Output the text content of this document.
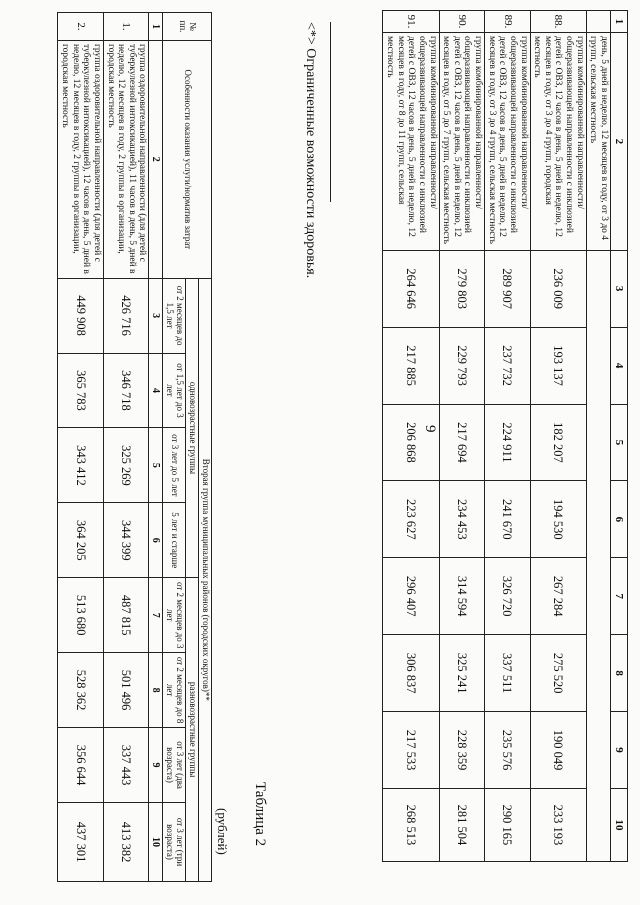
9
1	2	3	4	5	6	7	8	9	10
	день, 5 дней в неделю, 12 месяцев в году, от 3 до 4 групп, сельская местность								
88.	группа комбинированной направленности/общеразвивающей направленности с инклюзией детей с ОВЗ, 12 часов в день, 5 дней в неделю, 12 месяцев в году, от 3 до 4 групп, городская местность	236 009	193 137	182 207	194 530	267 284	275 520	190 049	233 193
89.	группа комбинированной направленности/общеразвивающей направленности с инклюзией детей с ОВЗ, 12 часов в день, 5 дней в неделю, 12 месяцев в году, от 3 до 4 групп, сельская местность	289 907	237 732	224 911	241 670	326 720	337 511	235 576	290 165
90.	группа комбинированной направленности/общеразвивающей направленности с инклюзией детей с ОВЗ, 12 часов в день, 5 дней в неделю, 12 месяцев в году, от 5 до 7 групп, сельская местность	279 803	229 793	217 694	234 453	314 594	325 241	228 359	281 504
91.	группа комбинированной направленности/общеразвивающей направленности с инклюзией детей с ОВЗ, 12 часов в день, 5 дней в неделю, 12 месяцев в году, от 8 до 11 групп, сельская местность	264 646	217 885	206 868	223 627	296 407	306 837	217 533	268 513
<*> Ограниченные возможности здоровья.
Таблица 2
(рублей)
№ пп.	Особенности оказания услуги/норматив затрат	Вторая группа муниципальных районов (городских округов)**							
		одновозрастные группы				разновозрастные группы			
		от 2 месяцев до 1,5 лет	от 1,5 лет до 3 лет	от 3 лет до 5 лет	5 лет и старше	от 2 месяцев до 3 лет	от 2 месяцев до 8 лет	от 3 лет (два возраста)	от 3 лет (три возраста)
1	2	3	4	5	6	7	8	9	10
1.	группа оздоровительной направленности (для детей с туберкулезной интоксикацией), 11 часов в день, 5 дней в неделю, 12 месяцев в году, 2 группы в организации, городская местность	426 716	346 718	325 269	344 399	487 815	501 496	337 443	413 382
2.	группа оздоровительной направленности (для детей с туберкулезной интоксикацией), 12 часов в день, 5 дней в неделю, 12 месяцев в году, 2 группы в организации, городская местность	449 908	365 783	343 412	364 205	513 680	528 362	356 644	437 301
